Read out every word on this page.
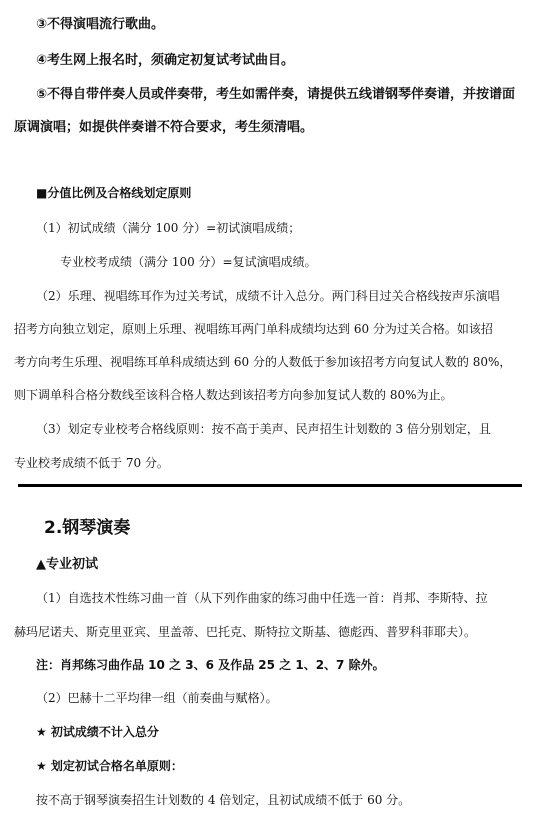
③不得演唱流行歌曲。
④考生网上报名时，须确定初复试考试曲目。
⑤不得自带伴奏人员或伴奏带，考生如需伴奏，请提供五线谱钢琴伴奏谱，并按谱面
原调演唱；如提供伴奏谱不符合要求，考生须清唱。
■分值比例及合格线划定原则
（1）初试成绩（满分 100 分）=初试演唱成绩；
专业校考成绩（满分 100 分）=复试演唱成绩。
（2）乐理、视唱练耳作为过关考试，成绩不计入总分。两门科目过关合格线按声乐演唱
招考方向独立划定，原则上乐理、视唱练耳两门单科成绩均达到 60 分为过关合格。如该招
考方向考生乐理、视唱练耳单科成绩达到 60 分的人数低于参加该招考方向复试人数的 80%，
则下调单科合格分数线至该科合格人数达到该招考方向参加复试人数的 80%为止。
（3）划定专业校考合格线原则：按不高于美声、民声招生计划数的 3 倍分别划定，且
专业校考成绩不低于 70 分。
2.钢琴演奏
▲专业初试
（1）自选技术性练习曲一首（从下列作曲家的练习曲中任选一首：肖邦、李斯特、拉
赫玛尼诺夫、斯克里亚宾、里盖蒂、巴托克、斯特拉文斯基、德彪西、普罗科菲耶夫）。
注：肖邦练习曲作品 10 之 3、6 及作品 25 之 1、2、7 除外。
（2）巴赫十二平均律一组（前奏曲与赋格）。
★ 初试成绩不计入总分
★ 划定初试合格名单原则：
按不高于钢琴演奏招生计划数的 4 倍划定，且初试成绩不低于 60 分。
